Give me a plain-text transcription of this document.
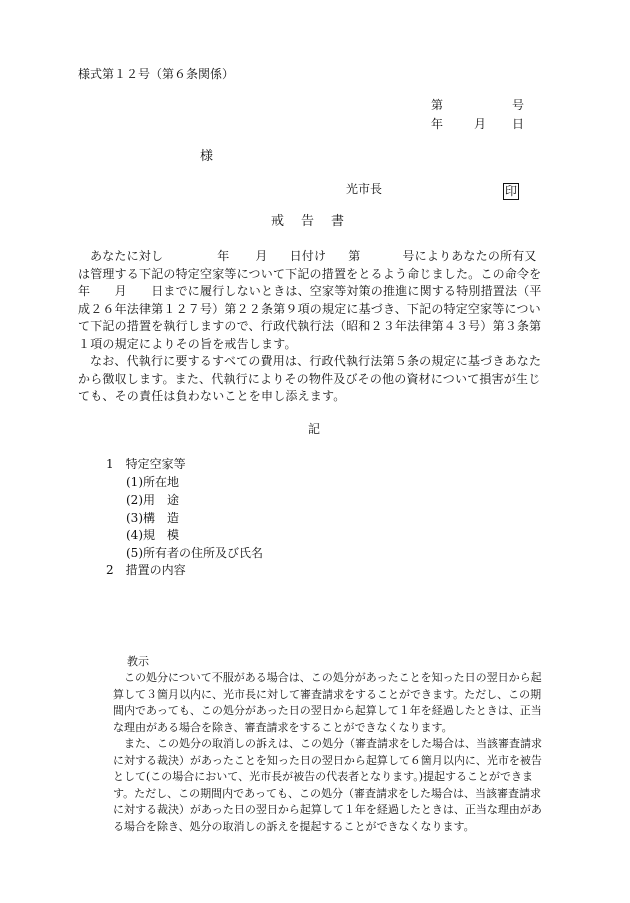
様式第１２号（第６条関係）
第	号
年	月 日
様
光市長	印
戒　告　書
あなたに対し	年 月 日付け 第	号によりあなたの所有又は管理する下記の特定空家等について下記の措置をとるよう命じました。この命令を　　　　　年　　月　　日までに履行しないときは、空家等対策の推進に関する特別措置法（平成２６年法律第１２７号）第２２条第９項の規定に基づき、下記の特定空家等について下記の措置を執行しますので、行政代執行法（昭和２３年法律第４３号）第３条第１項の規定によりその旨を戒告します。
なお、代執行に要するすべての費用は、行政代執行法第５条の規定に基づきあなたから徴収します。また、代執行によりその物件及びその他の資材について損害が生じても、その責任は負わないことを申し添えます。
記
1　特定空家等
(1)所在地
(2)用　途
(3)構　造
(4)規　模
(5)所有者の住所及び氏名
2　措置の内容
教示
この処分について不服がある場合は、この処分があったことを知った日の翌日から起算して３箇月以内に、光市長に対して審査請求をすることができます。ただし、この期間内であっても、この処分があった日の翌日から起算して１年を経過したときは、正当な理由がある場合を除き、審査請求をすることができなくなります。
また、この処分の取消しの訴えは、この処分（審査請求をした場合は、当該審査請求に対する裁決）があったことを知った日の翌日から起算して６箇月以内に、光市を被告として(この場合において、光市長が被告の代表者となります。)提起することができます。ただし、この期間内であっても、この処分（審査請求をした場合は、当該審査請求に対する裁決）があった日の翌日から起算して１年を経過したときは、正当な理由がある場合を除き、処分の取消しの訴えを提起することができなくなります。
